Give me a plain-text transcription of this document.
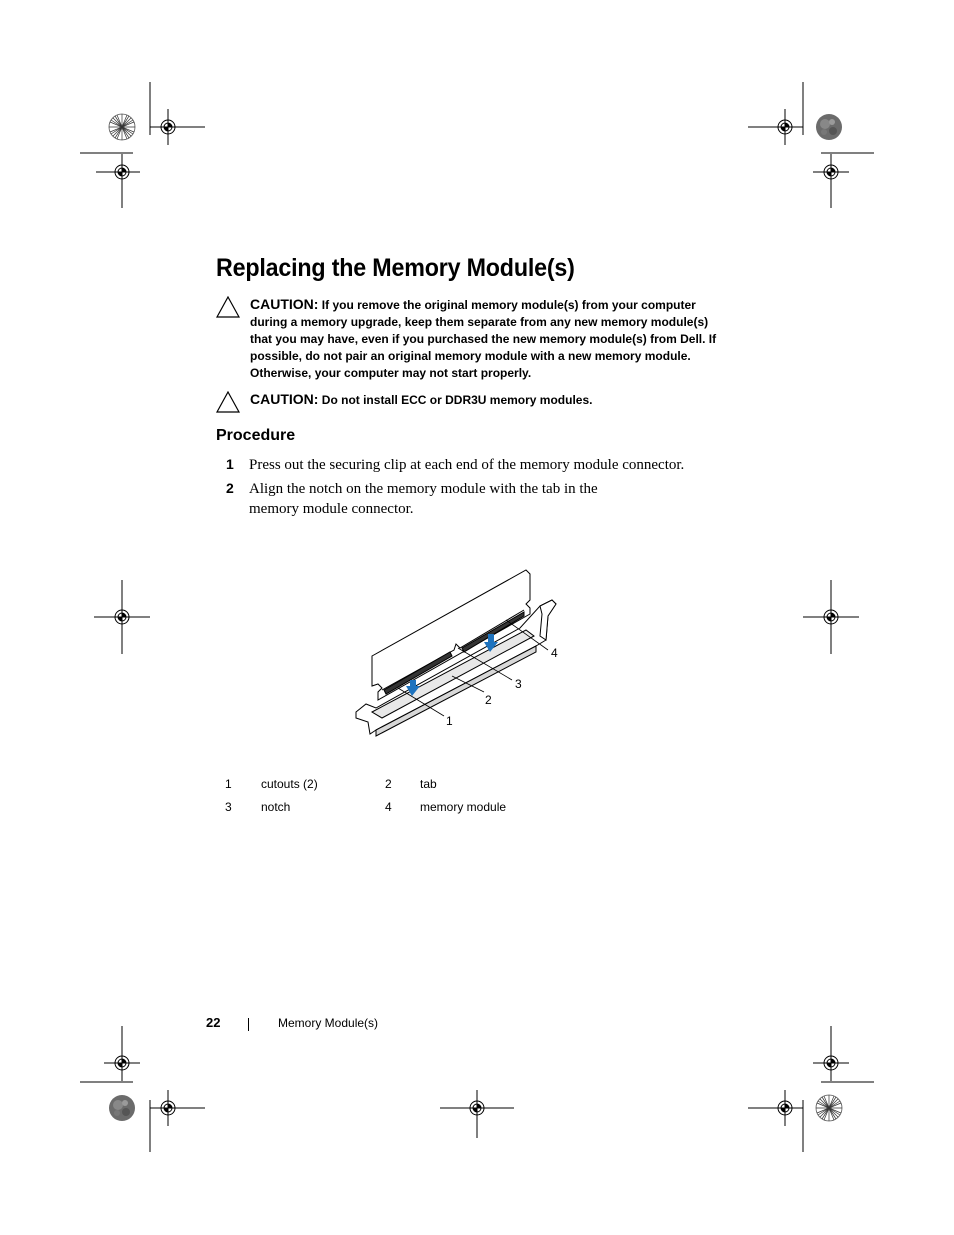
Replacing the Memory Module(s)
CAUTION: If you remove the original memory module(s) from your computer during a memory upgrade, keep them separate from any new memory module(s) that you may have, even if you purchased the new memory module(s) from Dell. If possible, do not pair an original memory module with a new memory module. Otherwise, your computer may not start properly.
CAUTION: Do not install ECC or DDR3U memory modules.
Procedure
1 Press out the securing clip at each end of the memory module connector.
2 Align the notch on the memory module with the tab in the
memory module connector.
1
2
3
4
1 cutouts (2)	2 tab
3 notch	4 memory module
22	Memory Module(s)
